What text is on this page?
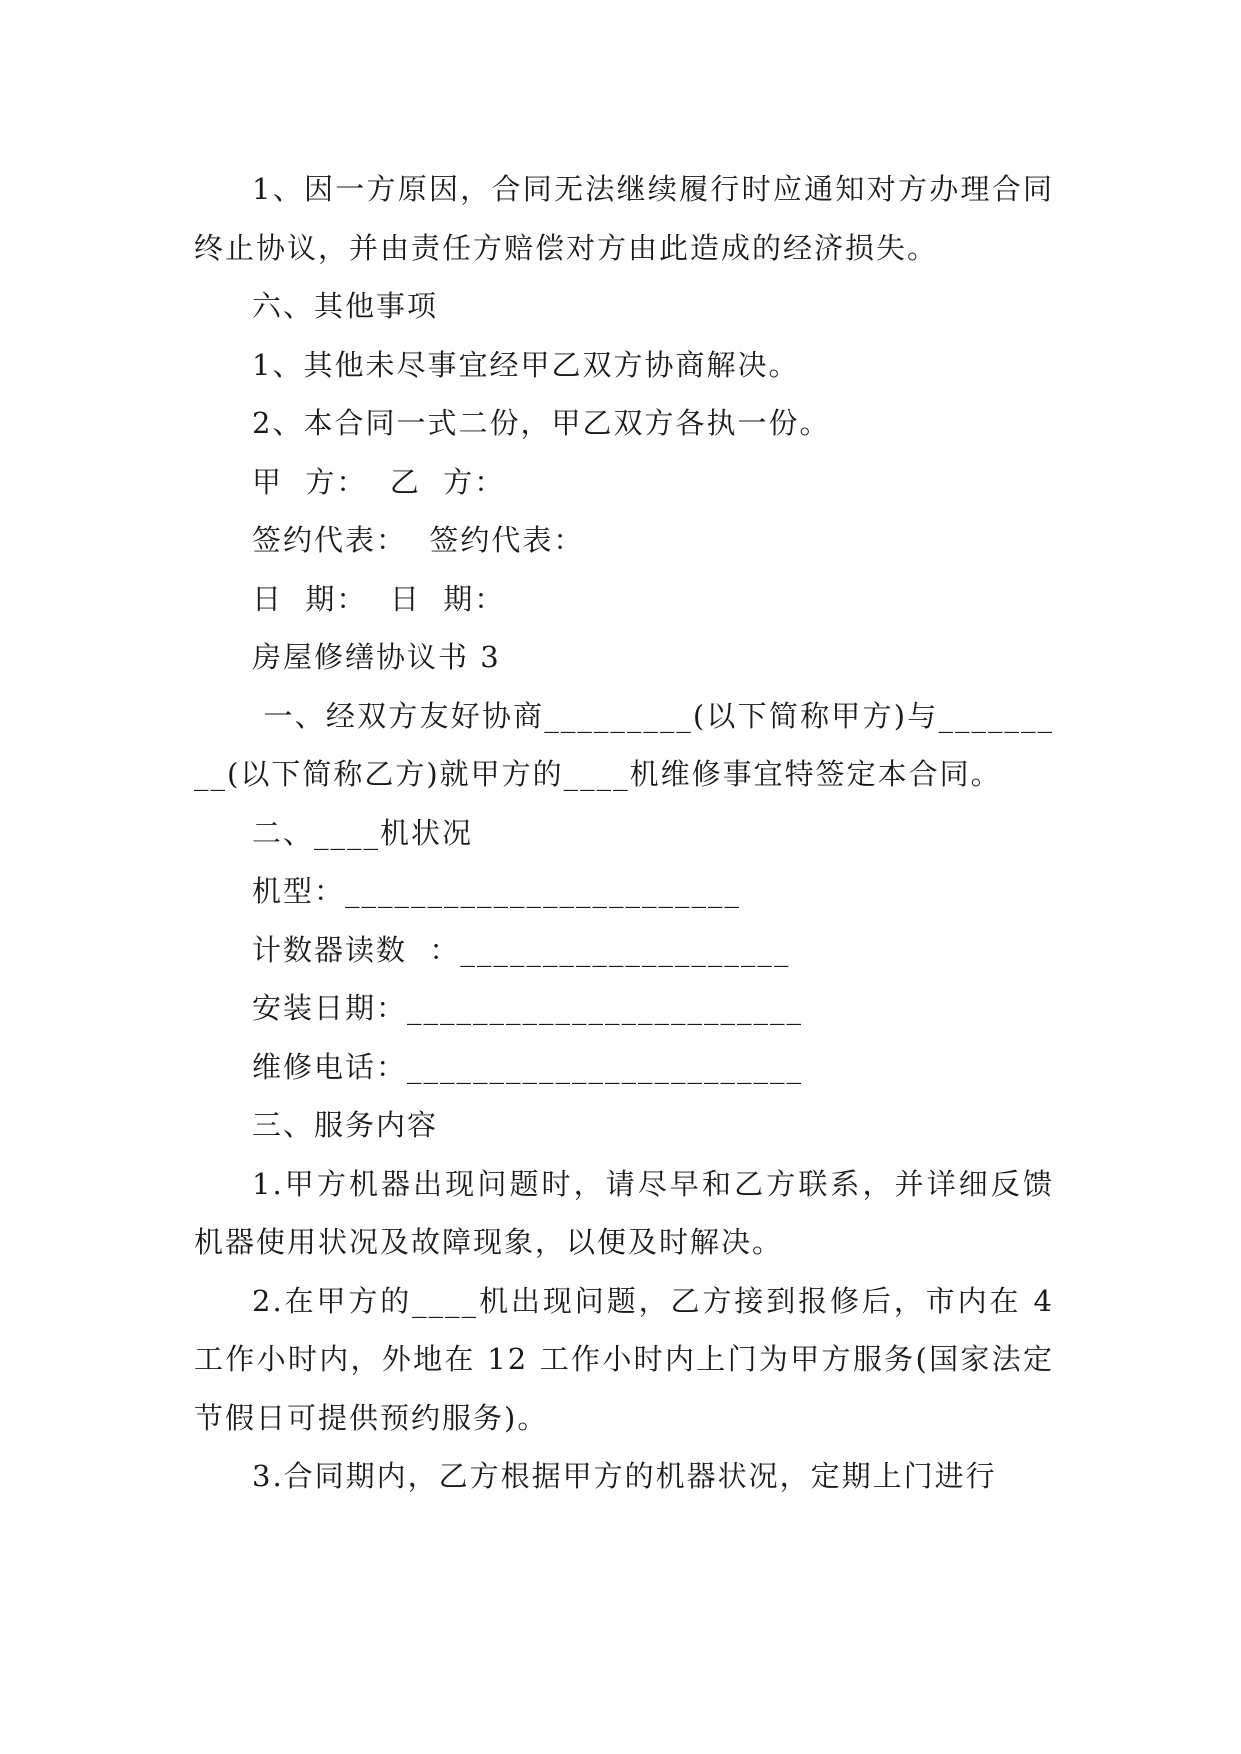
1、因一方原因，合同无法继续履行时应通知对方办理合同终止协议，并由责任方赔偿对方由此造成的经济损失。

六、其他事项

1、其他未尽事宜经甲乙双方协商解决。

2、本合同一式二份，甲乙双方各执一份。

甲  方：  乙  方：

签约代表：  签约代表：

日  期：  日  期：

房屋修缮协议书 3

一、经双方友好协商_________(以下简称甲方)与_________(以下简称乙方)就甲方的____机维修事宜特签定本合同。

二、____机状况

机型：________________________

计数器读数  ：____________________

安装日期：________________________

维修电话：________________________

三、服务内容

1.甲方机器出现问题时，请尽早和乙方联系，并详细反馈机器使用状况及故障现象，以便及时解决。

2.在甲方的____机出现问题，乙方接到报修后，市内在 4 工作小时内，外地在 12 工作小时内上门为甲方服务(国家法定节假日可提供预约服务)。

3.合同期内，乙方根据甲方的机器状况，定期上门进行
